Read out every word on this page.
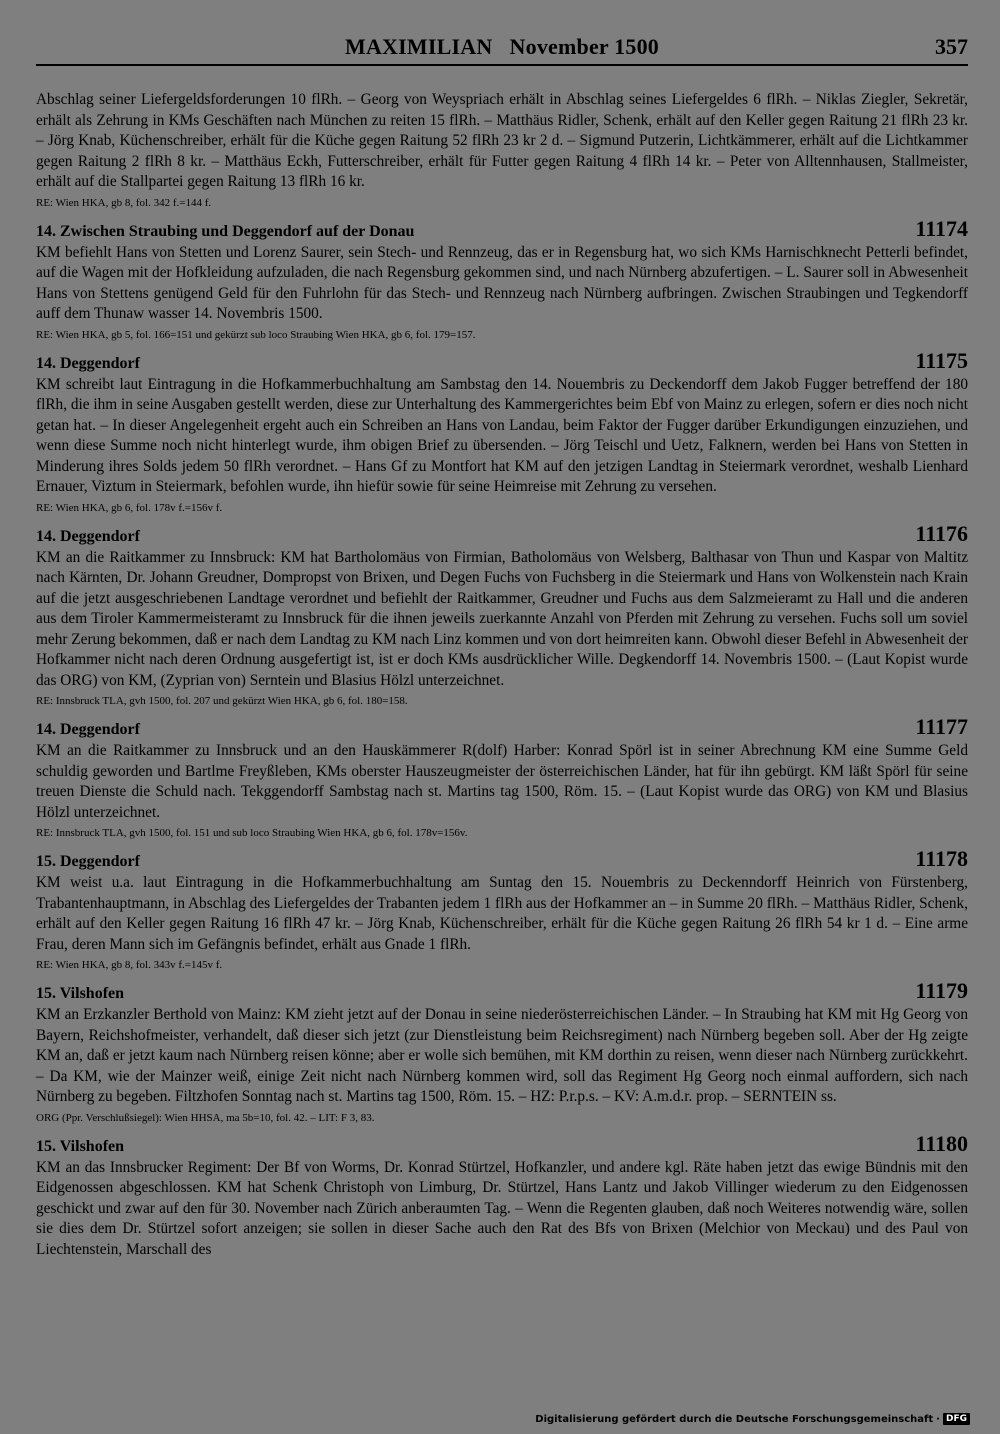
MAXIMILIAN   November 1500	357

Abschlag seiner Liefergeldsforderungen 10 flRh. – Georg von Weyspriach erhält in Abschlag seines Liefergeldes 6 flRh. – Niklas Ziegler, Sekretär, erhält als Zehrung in KMs Geschäften nach München zu reiten 15 flRh. – Matthäus Ridler, Schenk, erhält auf den Keller gegen Raitung 21 flRh 23 kr. – Jörg Knab, Küchenschreiber, erhält für die Küche gegen Raitung 52 flRh 23 kr 2 d. – Sigmund Putzerin, Lichtkämmerer, erhält auf die Lichtkammer gegen Raitung 2 flRh 8 kr. – Matthäus Eckh, Futterschreiber, erhält für Futter gegen Raitung 4 flRh 14 kr. – Peter von Alltennhausen, Stallmeister, erhält auf die Stallpartei gegen Raitung 13 flRh 16 kr.

RE: Wien HKA, gb 8, fol. 342 f.=144 f.
14. Zwischen Straubing und Deggendorf auf der Donau	11174

KM befiehlt Hans von Stetten und Lorenz Saurer, sein Stech- und Rennzeug, das er in Regensburg hat, wo sich KMs Harnischknecht Petterli befindet, auf die Wagen mit der Hofkleidung aufzuladen, die nach Regensburg gekommen sind, und nach Nürnberg abzufertigen. – L. Saurer soll in Abwesenheit Hans von Stettens genügend Geld für den Fuhrlohn für das Stech- und Rennzeug nach Nürnberg aufbringen. Zwischen Straubingen und Tegkendorff auff dem Thunaw wasser 14. Novembris 1500.

RE: Wien HKA, gb 5, fol. 166=151 und gekürzt sub loco Straubing Wien HKA, gb 6, fol. 179=157.
14. Deggendorf	11175

KM schreibt laut Eintragung in die Hofkammerbuchhaltung am Sambstag den 14. Nouembris zu Deckendorff dem Jakob Fugger betreffend der 180 flRh, die ihm in seine Ausgaben gestellt werden, diese zur Unterhaltung des Kammergerichtes beim Ebf von Mainz zu erlegen, sofern er dies noch nicht getan hat. – In dieser Angelegenheit ergeht auch ein Schreiben an Hans von Landau, beim Faktor der Fugger darüber Erkundigungen einzuziehen, und wenn diese Summe noch nicht hinterlegt wurde, ihm obigen Brief zu übersenden. – Jörg Teischl und Uetz, Falknern, werden bei Hans von Stetten in Minderung ihres Solds jedem 50 flRh verordnet. – Hans Gf zu Montfort hat KM auf den jetzigen Landtag in Steiermark verordnet, weshalb Lienhard Ernauer, Viztum in Steiermark, befohlen wurde, ihn hiefür sowie für seine Heimreise mit Zehrung zu versehen.

RE: Wien HKA, gb 6, fol. 178v f.=156v f.
14. Deggendorf	11176

KM an die Raitkammer zu Innsbruck: KM hat Bartholomäus von Firmian, Batholomäus von Welsberg, Balthasar von Thun und Kaspar von Maltitz nach Kärnten, Dr. Johann Greudner, Dompropst von Brixen, und Degen Fuchs von Fuchsberg in die Steiermark und Hans von Wolkenstein nach Krain auf die jetzt ausgeschriebenen Landtage verordnet und befiehlt der Raitkammer, Greudner und Fuchs aus dem Salzmeieramt zu Hall und die anderen aus dem Tiroler Kammermeisteramt zu Innsbruck für die ihnen jeweils zuerkannte Anzahl von Pferden mit Zehrung zu versehen. Fuchs soll um soviel mehr Zerung bekommen, daß er nach dem Landtag zu KM nach Linz kommen und von dort heimreiten kann. Obwohl dieser Befehl in Abwesenheit der Hofkammer nicht nach deren Ordnung ausgefertigt ist, ist er doch KMs ausdrücklicher Wille. Degkendorff 14. Novembris 1500. – (Laut Kopist wurde das ORG) von KM, (Zyprian von) Serntein und Blasius Hölzl unterzeichnet.

RE: Innsbruck TLA, gvh 1500, fol. 207 und gekürzt Wien HKA, gb 6, fol. 180=158.
14. Deggendorf	11177

KM an die Raitkammer zu Innsbruck und an den Hauskämmerer R(dolf) Harber: Konrad Spörl ist in seiner Abrechnung KM eine Summe Geld schuldig geworden und Bartlme Freyßleben, KMs oberster Hauszeugmeister der österreichischen Länder, hat für ihn gebürgt. KM läßt Spörl für seine treuen Dienste die Schuld nach. Tekggendorff Sambstag nach st. Martins tag 1500, Röm. 15. – (Laut Kopist wurde das ORG) von KM und Blasius Hölzl unterzeichnet.

RE: Innsbruck TLA, gvh 1500, fol. 151 und sub loco Straubing Wien HKA, gb 6, fol. 178v=156v.
15. Deggendorf	11178

KM weist u.a. laut Eintragung in die Hofkammerbuchhaltung am Suntag den 15. Nouembris zu Deckenndorff Heinrich von Fürstenberg, Trabantenhauptmann, in Abschlag des Liefergeldes der Trabanten jedem 1 flRh aus der Hofkammer an – in Summe 20 flRh. – Matthäus Ridler, Schenk, erhält auf den Keller gegen Raitung 16 flRh 47 kr. – Jörg Knab, Küchenschreiber, erhält für die Küche gegen Raitung 26 flRh 54 kr 1 d. – Eine arme Frau, deren Mann sich im Gefängnis befindet, erhält aus Gnade 1 flRh.

RE: Wien HKA, gb 8, fol. 343v f.=145v f.
15. Vilshofen	11179

KM an Erzkanzler Berthold von Mainz: KM zieht jetzt auf der Donau in seine niederösterreichischen Länder. – In Straubing hat KM mit Hg Georg von Bayern, Reichshofmeister, verhandelt, daß dieser sich jetzt (zur Dienstleistung beim Reichsregiment) nach Nürnberg begeben soll. Aber der Hg zeigte KM an, daß er jetzt kaum nach Nürnberg reisen könne; aber er wolle sich bemühen, mit KM dorthin zu reisen, wenn dieser nach Nürnberg zurückkehrt. – Da KM, wie der Mainzer weiß, einige Zeit nicht nach Nürnberg kommen wird, soll das Regiment Hg Georg noch einmal auffordern, sich nach Nürnberg zu begeben. Filtzhofen Sonntag nach st. Martins tag 1500, Röm. 15. – HZ: P.r.p.s. – KV: A.m.d.r. prop. – SERNTEIN ss.

ORG (Ppr. Verschlußsiegel): Wien HHSA, ma 5b=10, fol. 42. – LIT: F 3, 83.
15. Vilshofen	11180

KM an das Innsbrucker Regiment: Der Bf von Worms, Dr. Konrad Stürtzel, Hofkanzler, und andere kgl. Räte haben jetzt das ewige Bündnis mit den Eidgenossen abgeschlossen. KM hat Schenk Christoph von Limburg, Dr. Stürtzel, Hans Lantz und Jakob Villinger wiederum zu den Eidgenossen geschickt und zwar auf den für 30. November nach Zürich anberaumten Tag. – Wenn die Regenten glauben, daß noch Weiteres notwendig wäre, sollen sie dies dem Dr. Stürtzel sofort anzeigen; sie sollen in dieser Sache auch den Rat des Bfs von Brixen (Melchior von Meckau) und des Paul von Liechtenstein, Marschall des

Digitalisierung gefördert durch die Deutsche Forschungsgemeinschaft · DFG
